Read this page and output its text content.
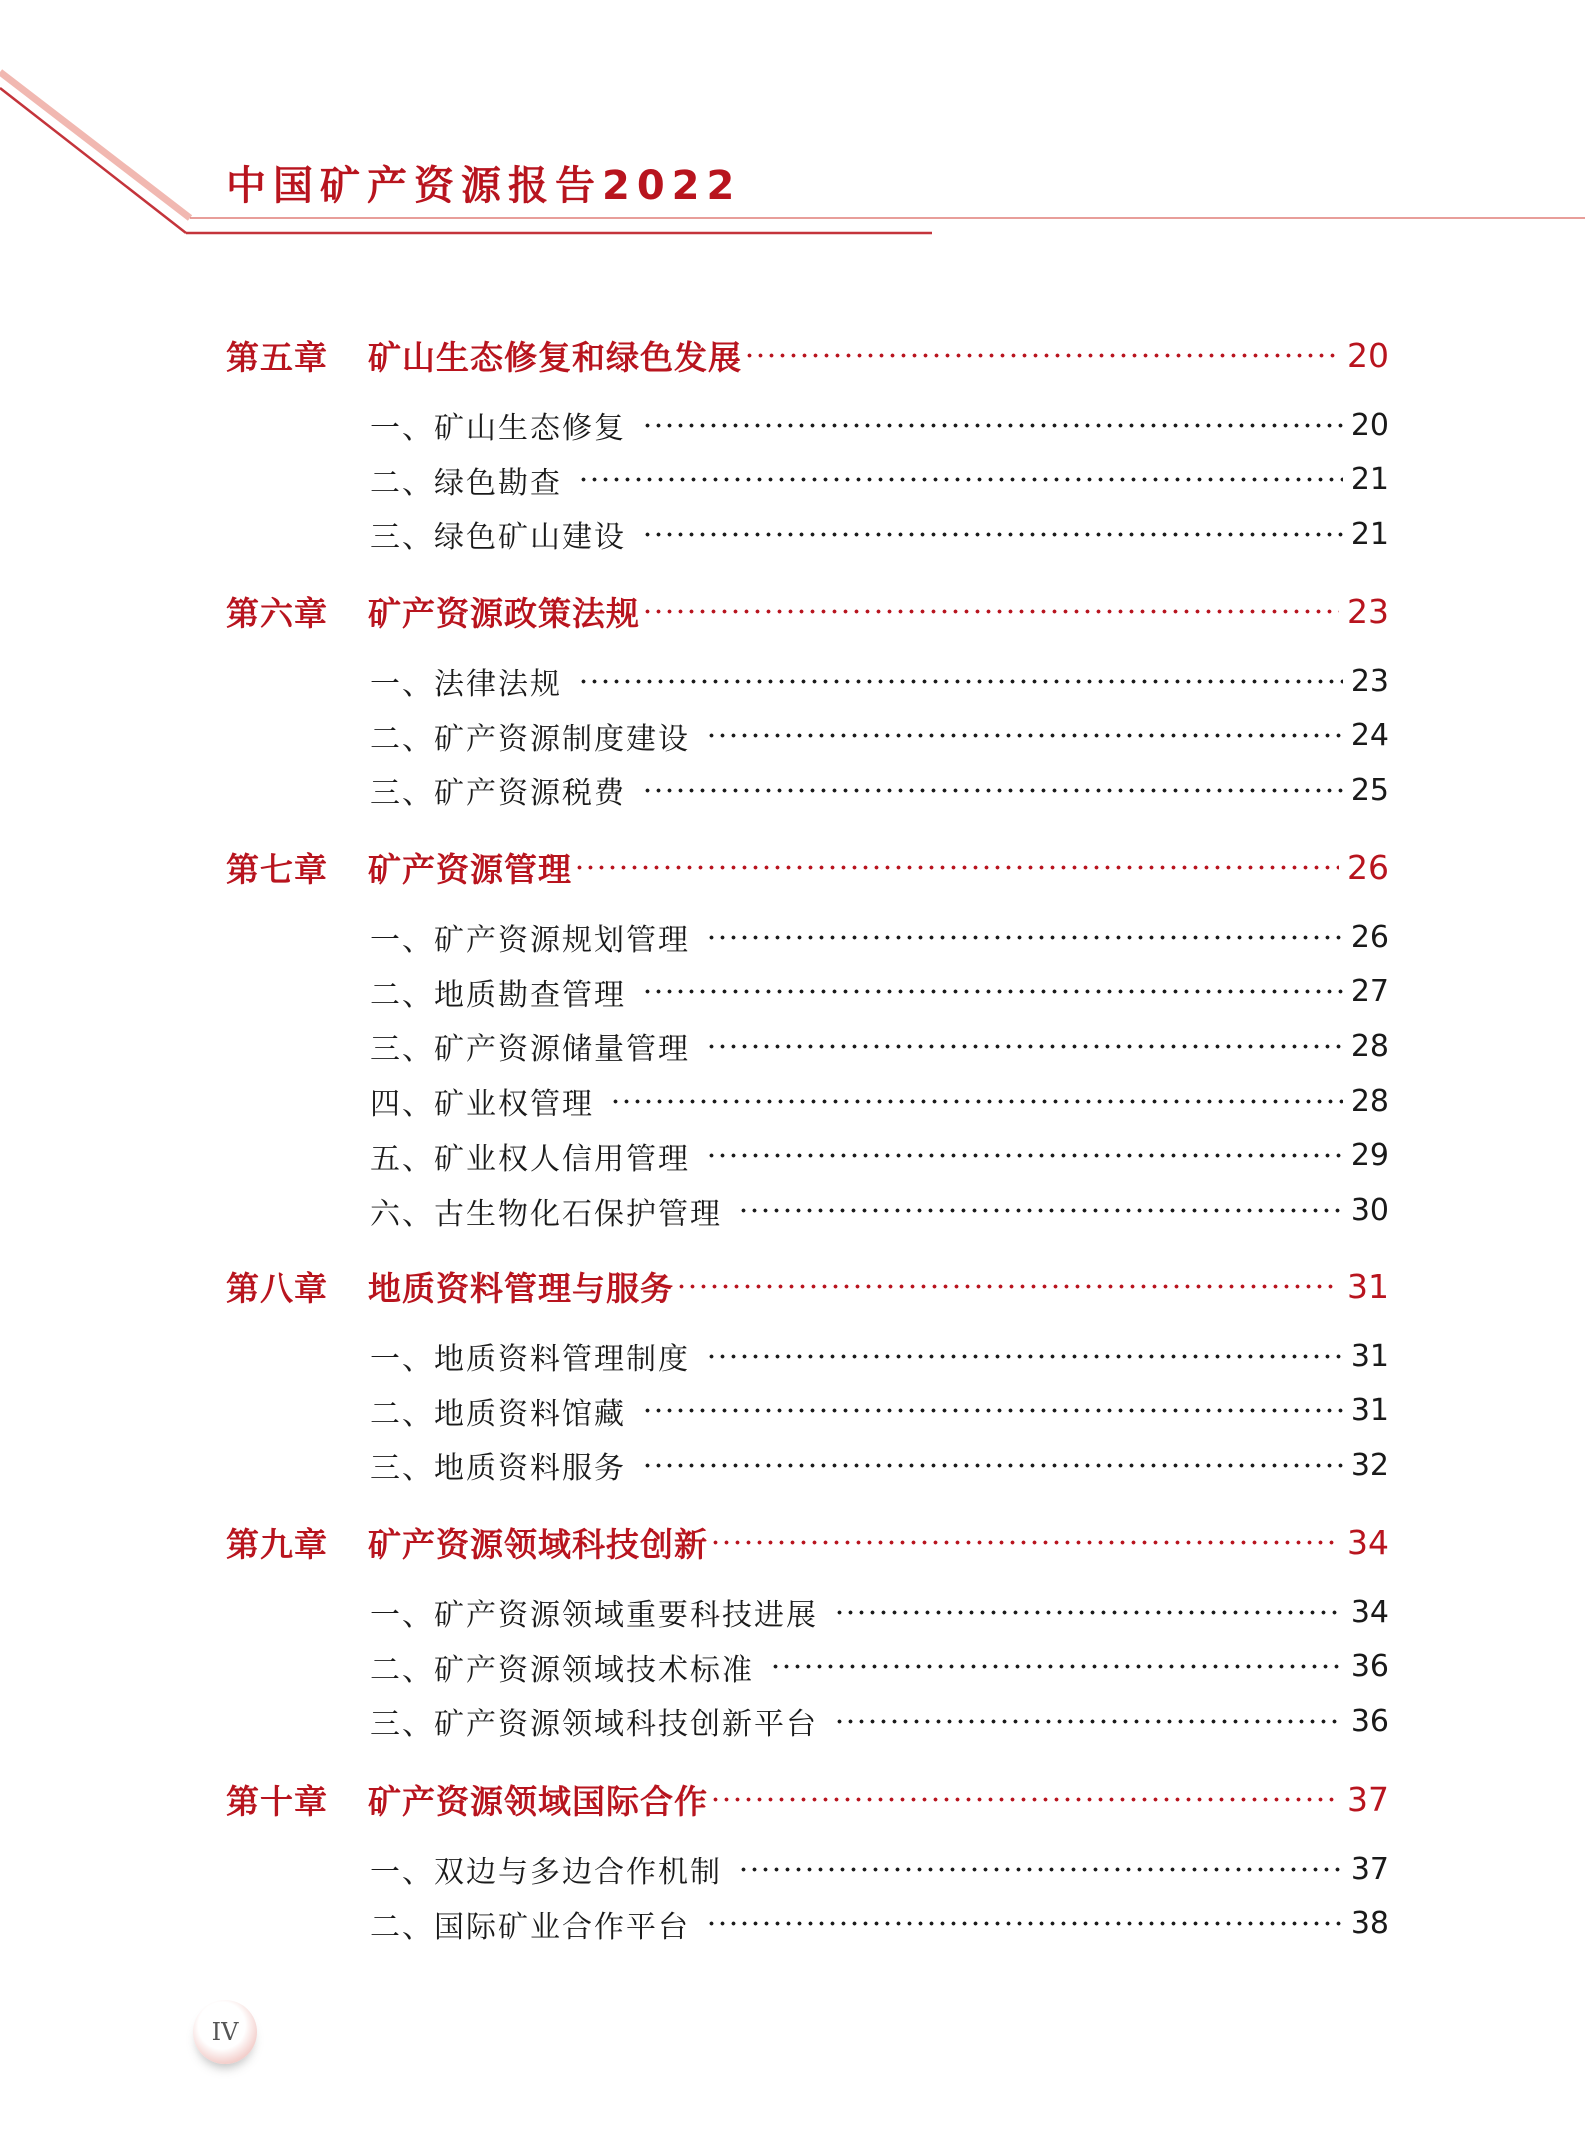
中国矿产资源报告2022
第五章	矿山生态修复和绿色发展	20
一、矿山生态修复	20
二、绿色勘查	21
三、绿色矿山建设	21
第六章	矿产资源政策法规	23
一、法律法规	23
二、矿产资源制度建设	24
三、矿产资源税费	25
第七章	矿产资源管理	26
一、矿产资源规划管理	26
二、地质勘查管理	27
三、矿产资源储量管理	28
四、矿业权管理	28
五、矿业权人信用管理	29
六、古生物化石保护管理	30
第八章	地质资料管理与服务	31
一、地质资料管理制度	31
二、地质资料馆藏	31
三、地质资料服务	32
第九章	矿产资源领域科技创新	34
一、矿产资源领域重要科技进展	34
二、矿产资源领域技术标准	36
三、矿产资源领域科技创新平台	36
第十章	矿产资源领域国际合作	37
一、双边与多边合作机制	37
二、国际矿业合作平台	38
IV
